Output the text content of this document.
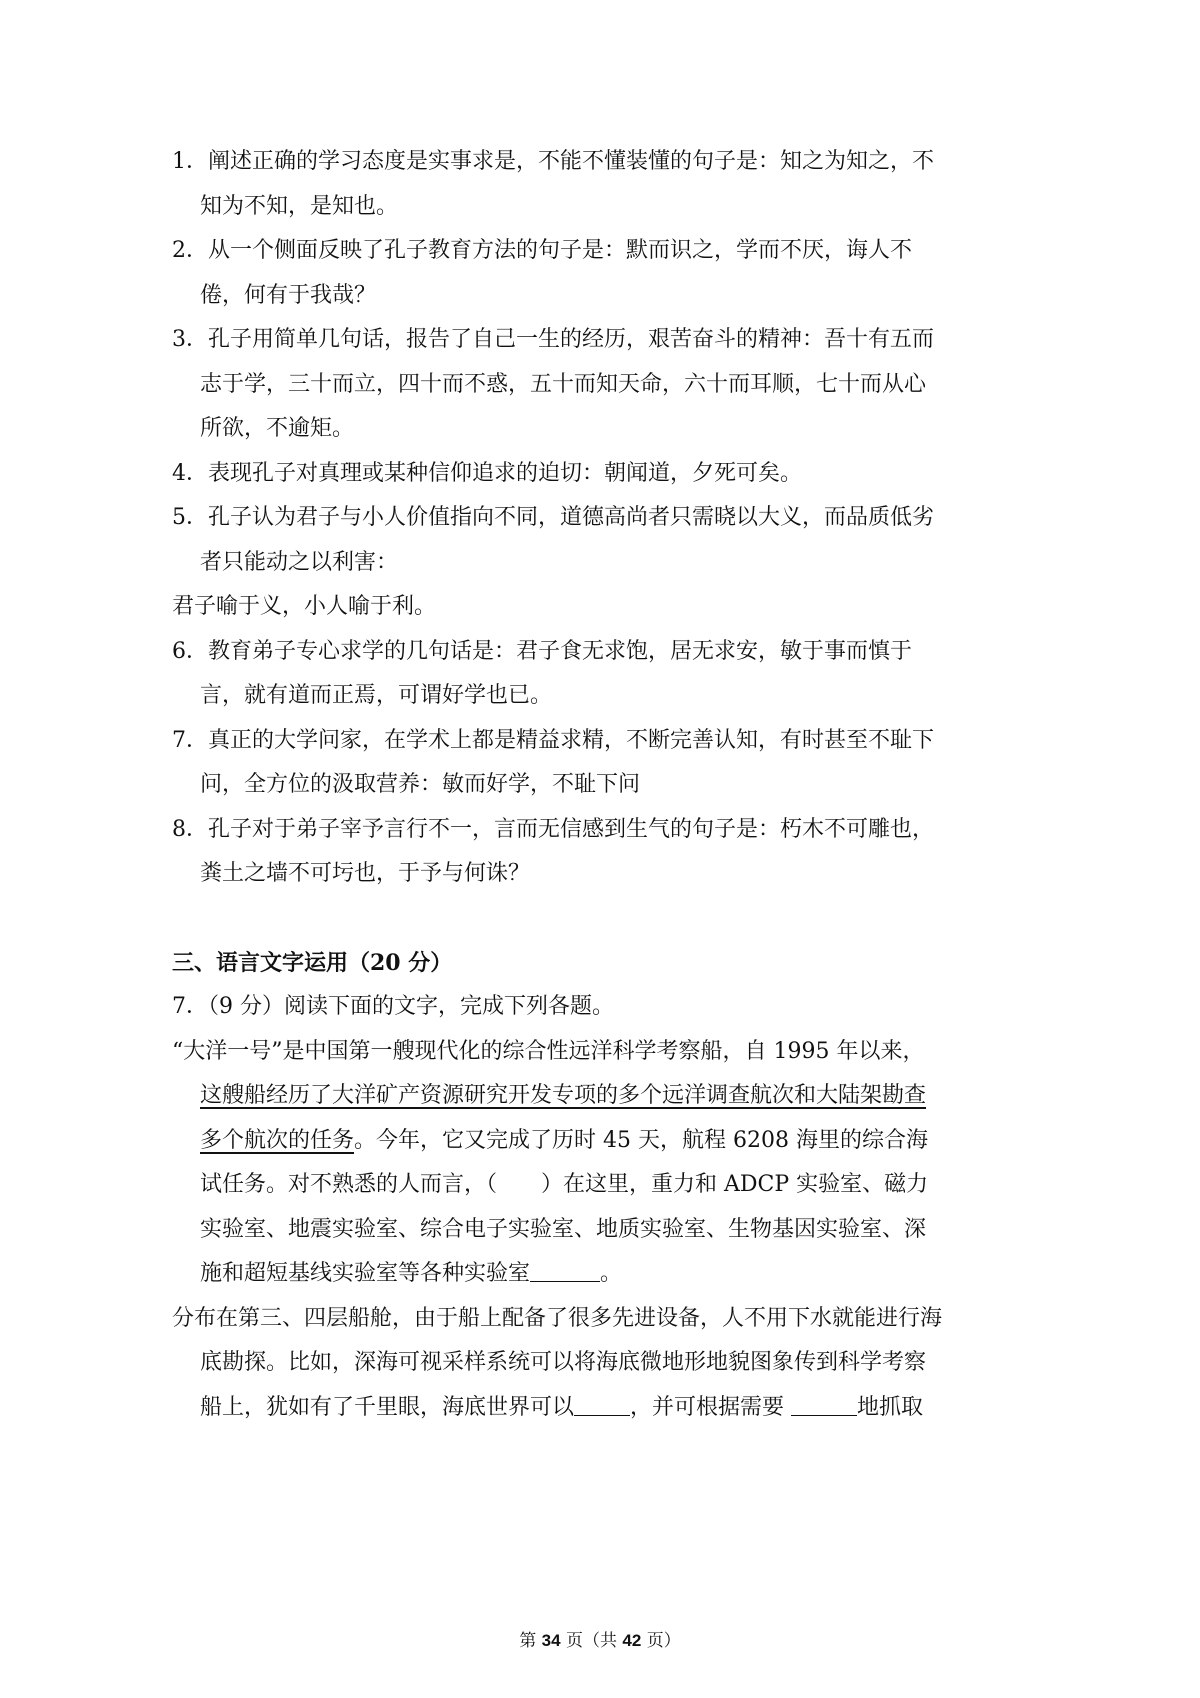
1．阐述正确的学习态度是实事求是，不能不懂装懂的句子是：知之为知之，不知为不知，是知也。

2．从一个侧面反映了孔子教育方法的句子是：默而识之，学而不厌，诲人不倦，何有于我哉？

3．孔子用简单几句话，报告了自己一生的经历，艰苦奋斗的精神：吾十有五而志于学，三十而立，四十而不惑，五十而知天命，六十而耳顺，七十而从心所欲，不逾矩。

4．表现孔子对真理或某种信仰追求的迫切：朝闻道，夕死可矣。

5．孔子认为君子与小人价值指向不同，道德高尚者只需晓以大义，而品质低劣者只能动之以利害：

君子喻于义，小人喻于利。

6．教育弟子专心求学的几句话是：君子食无求饱，居无求安，敏于事而慎于言，就有道而正焉，可谓好学也已。

7．真正的大学问家，在学术上都是精益求精，不断完善认知，有时甚至不耻下问，全方位的汲取营养：敏而好学，不耻下问

8．孔子对于弟子宰予言行不一，言而无信感到生气的句子是：朽木不可雕也，粪土之墙不可圬也，于予与何诛？

三、语言文字运用（20 分）

7．（9 分）阅读下面的文字，完成下列各题。

“大洋一号”是中国第一艘现代化的综合性远洋科学考察船，自 1995 年以来，这艘船经历了大洋矿产资源研究开发专项的多个远洋调查航次和大陆架勘查多个航次的任务。今年，它又完成了历时 45 天，航程 6208 海里的综合海试任务。对不熟悉的人而言，（　　）在这里，重力和 ADCP 实验室、磁力实验室、地震实验室、综合电子实验室、地质实验室、生物基因实验室、深施和超短基线实验室等各种实验室	。

分布在第三、四层船舱，由于船上配备了很多先进设备，人不用下水就能进行海底勘探。比如，深海可视采样系统可以将海底微地形地貌图象传到科学考察船上，犹如有了千里眼，海底世界可以	，并可根据需要	地抓取

第 34 页（共 42 页）
